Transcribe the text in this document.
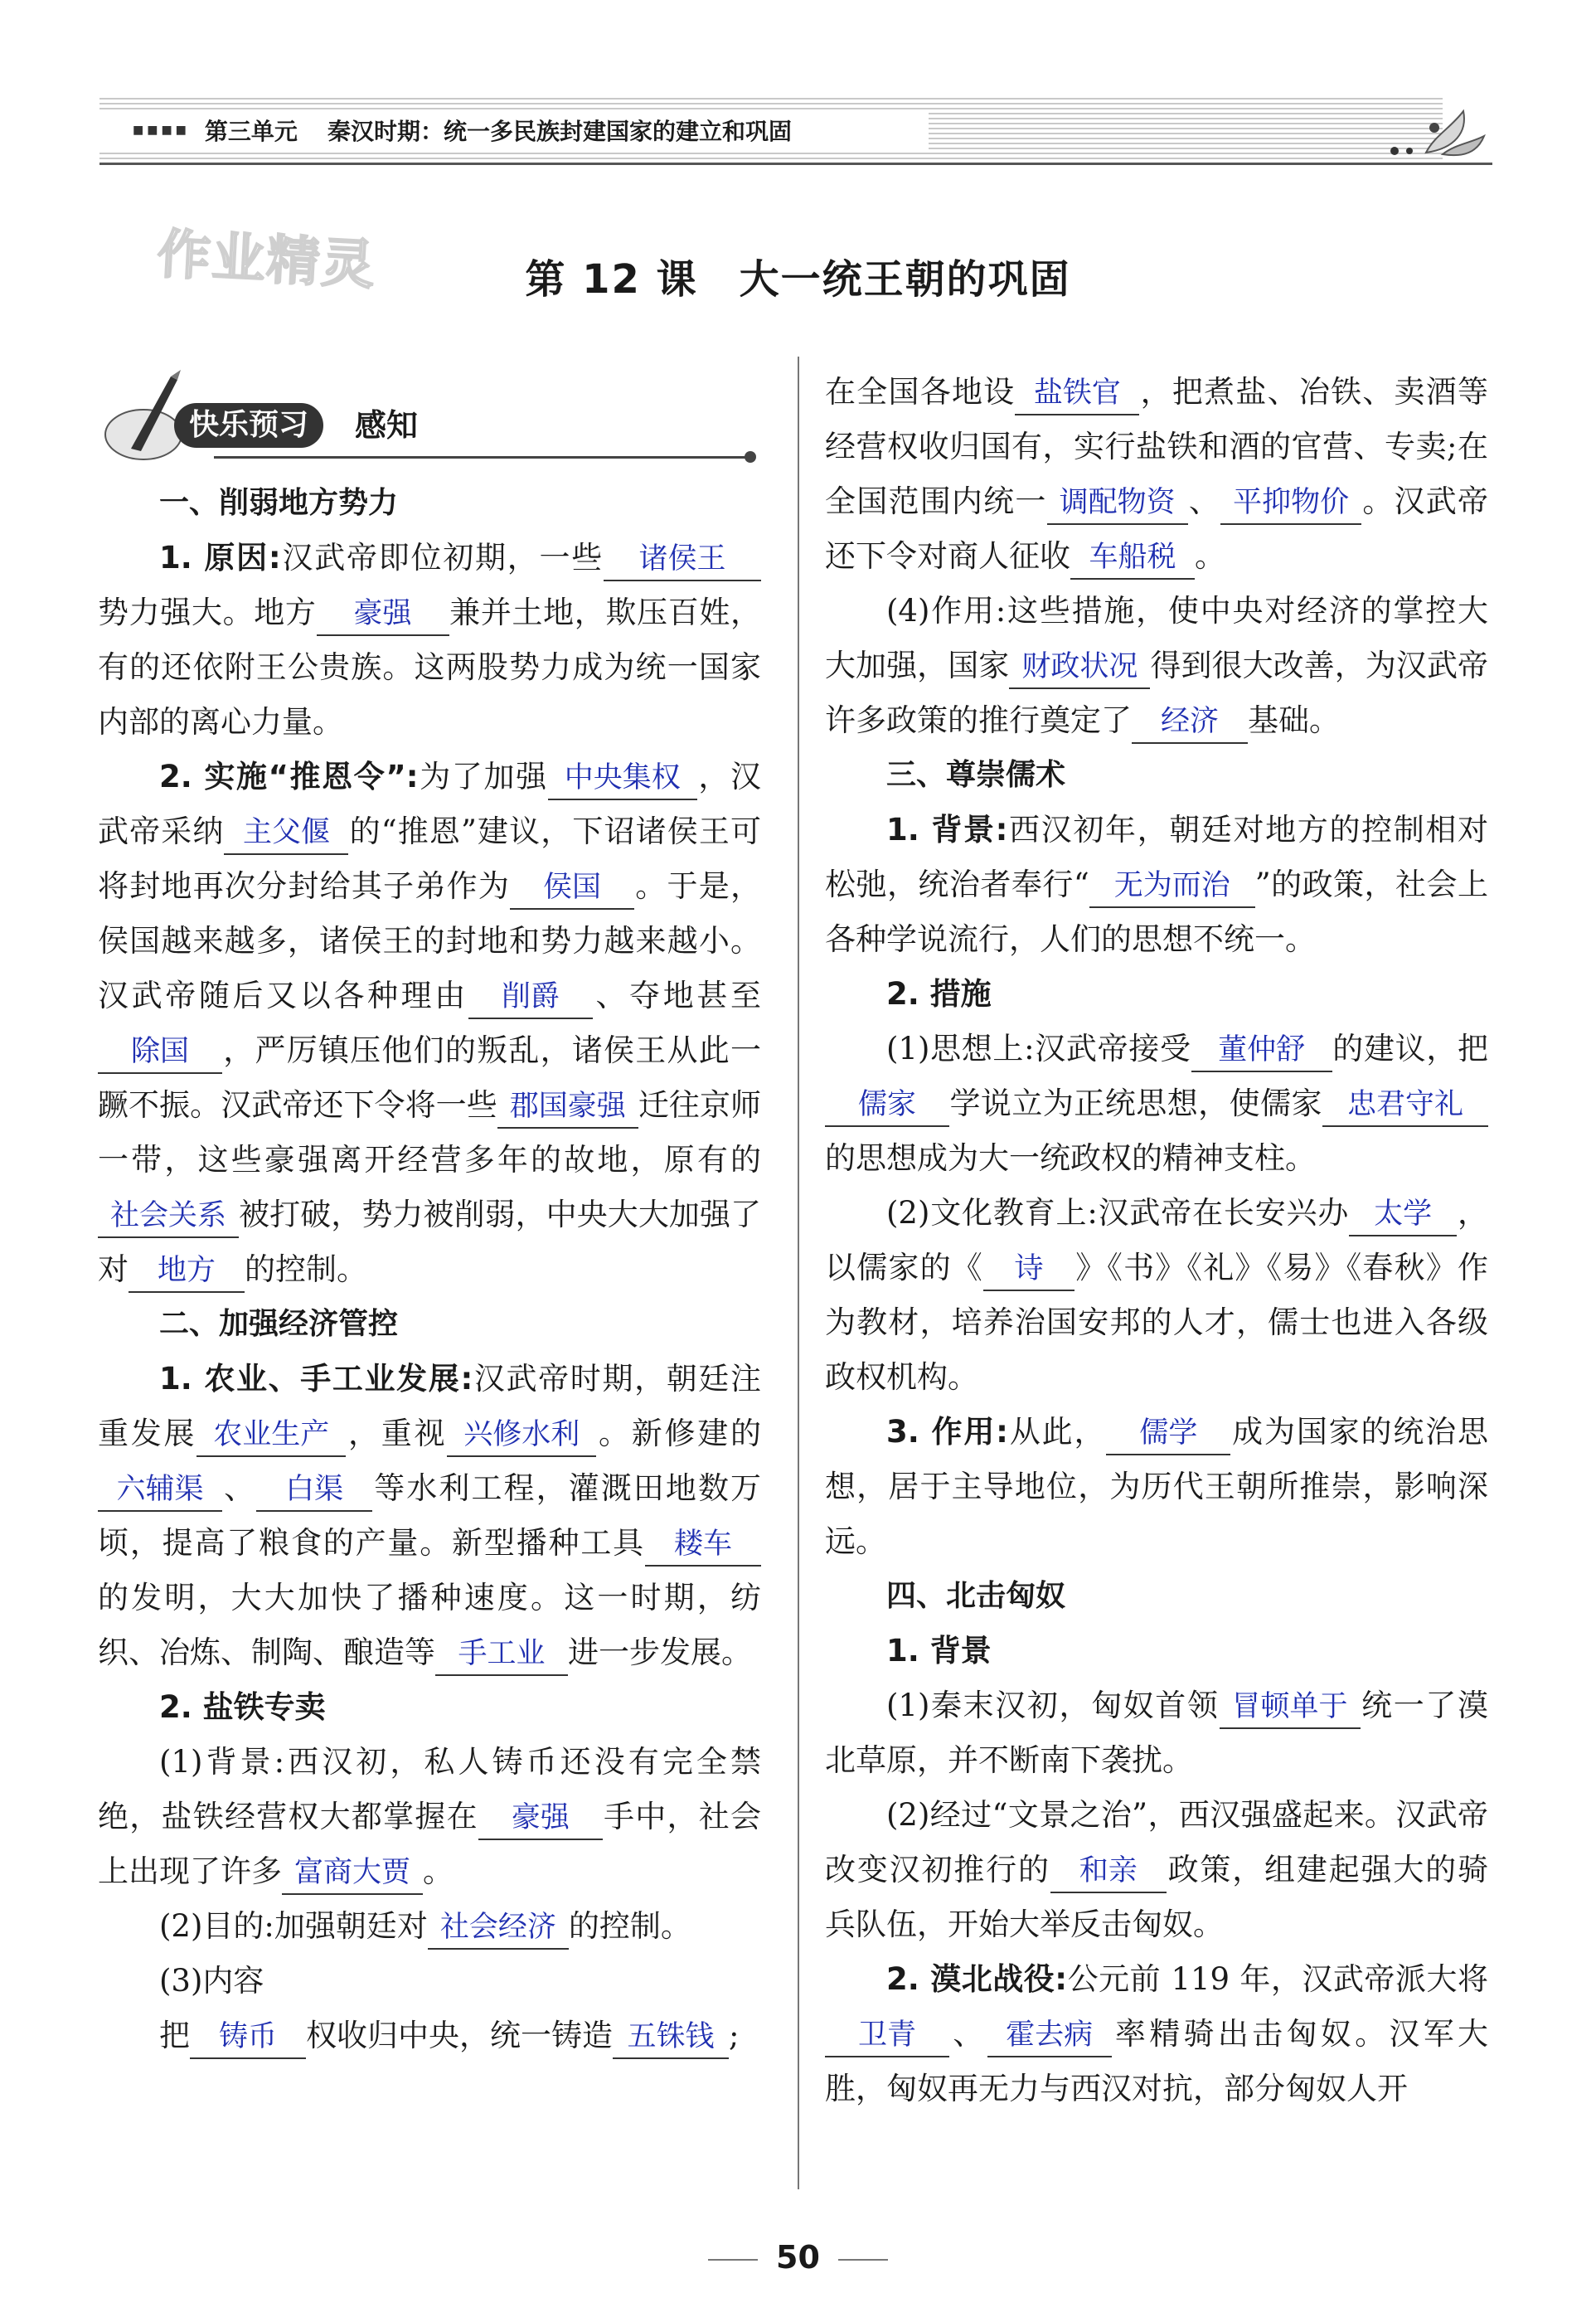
■■■■ 第三单元 秦汉时期：统一多民族封建国家的建立和巩固
作业精灵	第 12 课　大一统王朝的巩固
快乐预习	感知

一、削弱地方势力

1. 原因:汉武帝即位初期，一些 诸侯王势力强大。地方 豪强 兼并土地，欺压百姓，有的还依附王公贵族。这两股势力成为统一国家内部的离心力量。

2. 实施“推恩令”:为了加强 中央集权 ，汉武帝采纳 主父偃 的“推恩”建议，下诏诸侯王可将封地再次分封给其子弟作为 侯国 。于是，侯国越来越多，诸侯王的封地和势力越来越小。汉武帝随后又以各种理由 削爵 、夺地甚至除国 ，严厉镇压他们的叛乱，诸侯王从此一蹶不振。汉武帝还下令将一些 郡国豪强 迁往京师一带，这些豪强离开经营多年的故地，原有的社会关系 被打破，势力被削弱，中央大大加强了对 地方 的控制。

二、加强经济管控

1. 农业、手工业发展:汉武帝时期，朝廷注重发展 农业生产 ，重视 兴修水利 。新修建的六辅渠 、 白渠 等水利工程，灌溉田地数万顷，提高了粮食的产量。新型播种工具 耧车的发明，大大加快了播种速度。这一时期，纺织、冶炼、制陶、酿造等 手工业 进一步发展。

2. 盐铁专卖

(1)背景:西汉初，私人铸币还没有完全禁绝，盐铁经营权大都掌握在 豪强 手中，社会上出现了许多 富商大贾 。

(2)目的:加强朝廷对 社会经济 的控制。

(3)内容

把 铸币 权收归中央，统一铸造 五铢钱 ;

在全国各地设 盐铁官 ，把煮盐、冶铁、卖酒等经营权收归国有，实行盐铁和酒的官营、专卖;在全国范围内统一 调配物资 、 平抑物价 。汉武帝还下令对商人征收 车船税 。

(4)作用:这些措施，使中央对经济的掌控大大加强，国家 财政状况 得到很大改善，为汉武帝许多政策的推行奠定了 经济 基础。

三、尊崇儒术

1. 背景:西汉初年，朝廷对地方的控制相对松弛，统治者奉行“ 无为而治 ”的政策，社会上各种学说流行，人们的思想不统一。

2. 措施

(1)思想上:汉武帝接受 董仲舒 的建议，把儒家 学说立为正统思想，使儒家 忠君守礼的思想成为大一统政权的精神支柱。

(2)文化教育上:汉武帝在长安兴办 太学 ，以儒家的《 诗 》《书》《礼》《易》《春秋》作为教材，培养治国安邦的人才，儒士也进入各级政权机构。

3. 作用:从此， 儒学 成为国家的统治思想，居于主导地位，为历代王朝所推崇，影响深远。

四、北击匈奴

1. 背景

(1)秦末汉初，匈奴首领 冒顿单于 统一了漠北草原，并不断南下袭扰。

(2)经过“文景之治”，西汉强盛起来。汉武帝改变汉初推行的 和亲 政策，组建起强大的骑兵队伍，开始大举反击匈奴。

2. 漠北战役:公元前 119 年，汉武帝派大将卫青 、 霍去病 率精骑出击匈奴。汉军大胜，匈奴再无力与西汉对抗，部分匈奴人开

50
